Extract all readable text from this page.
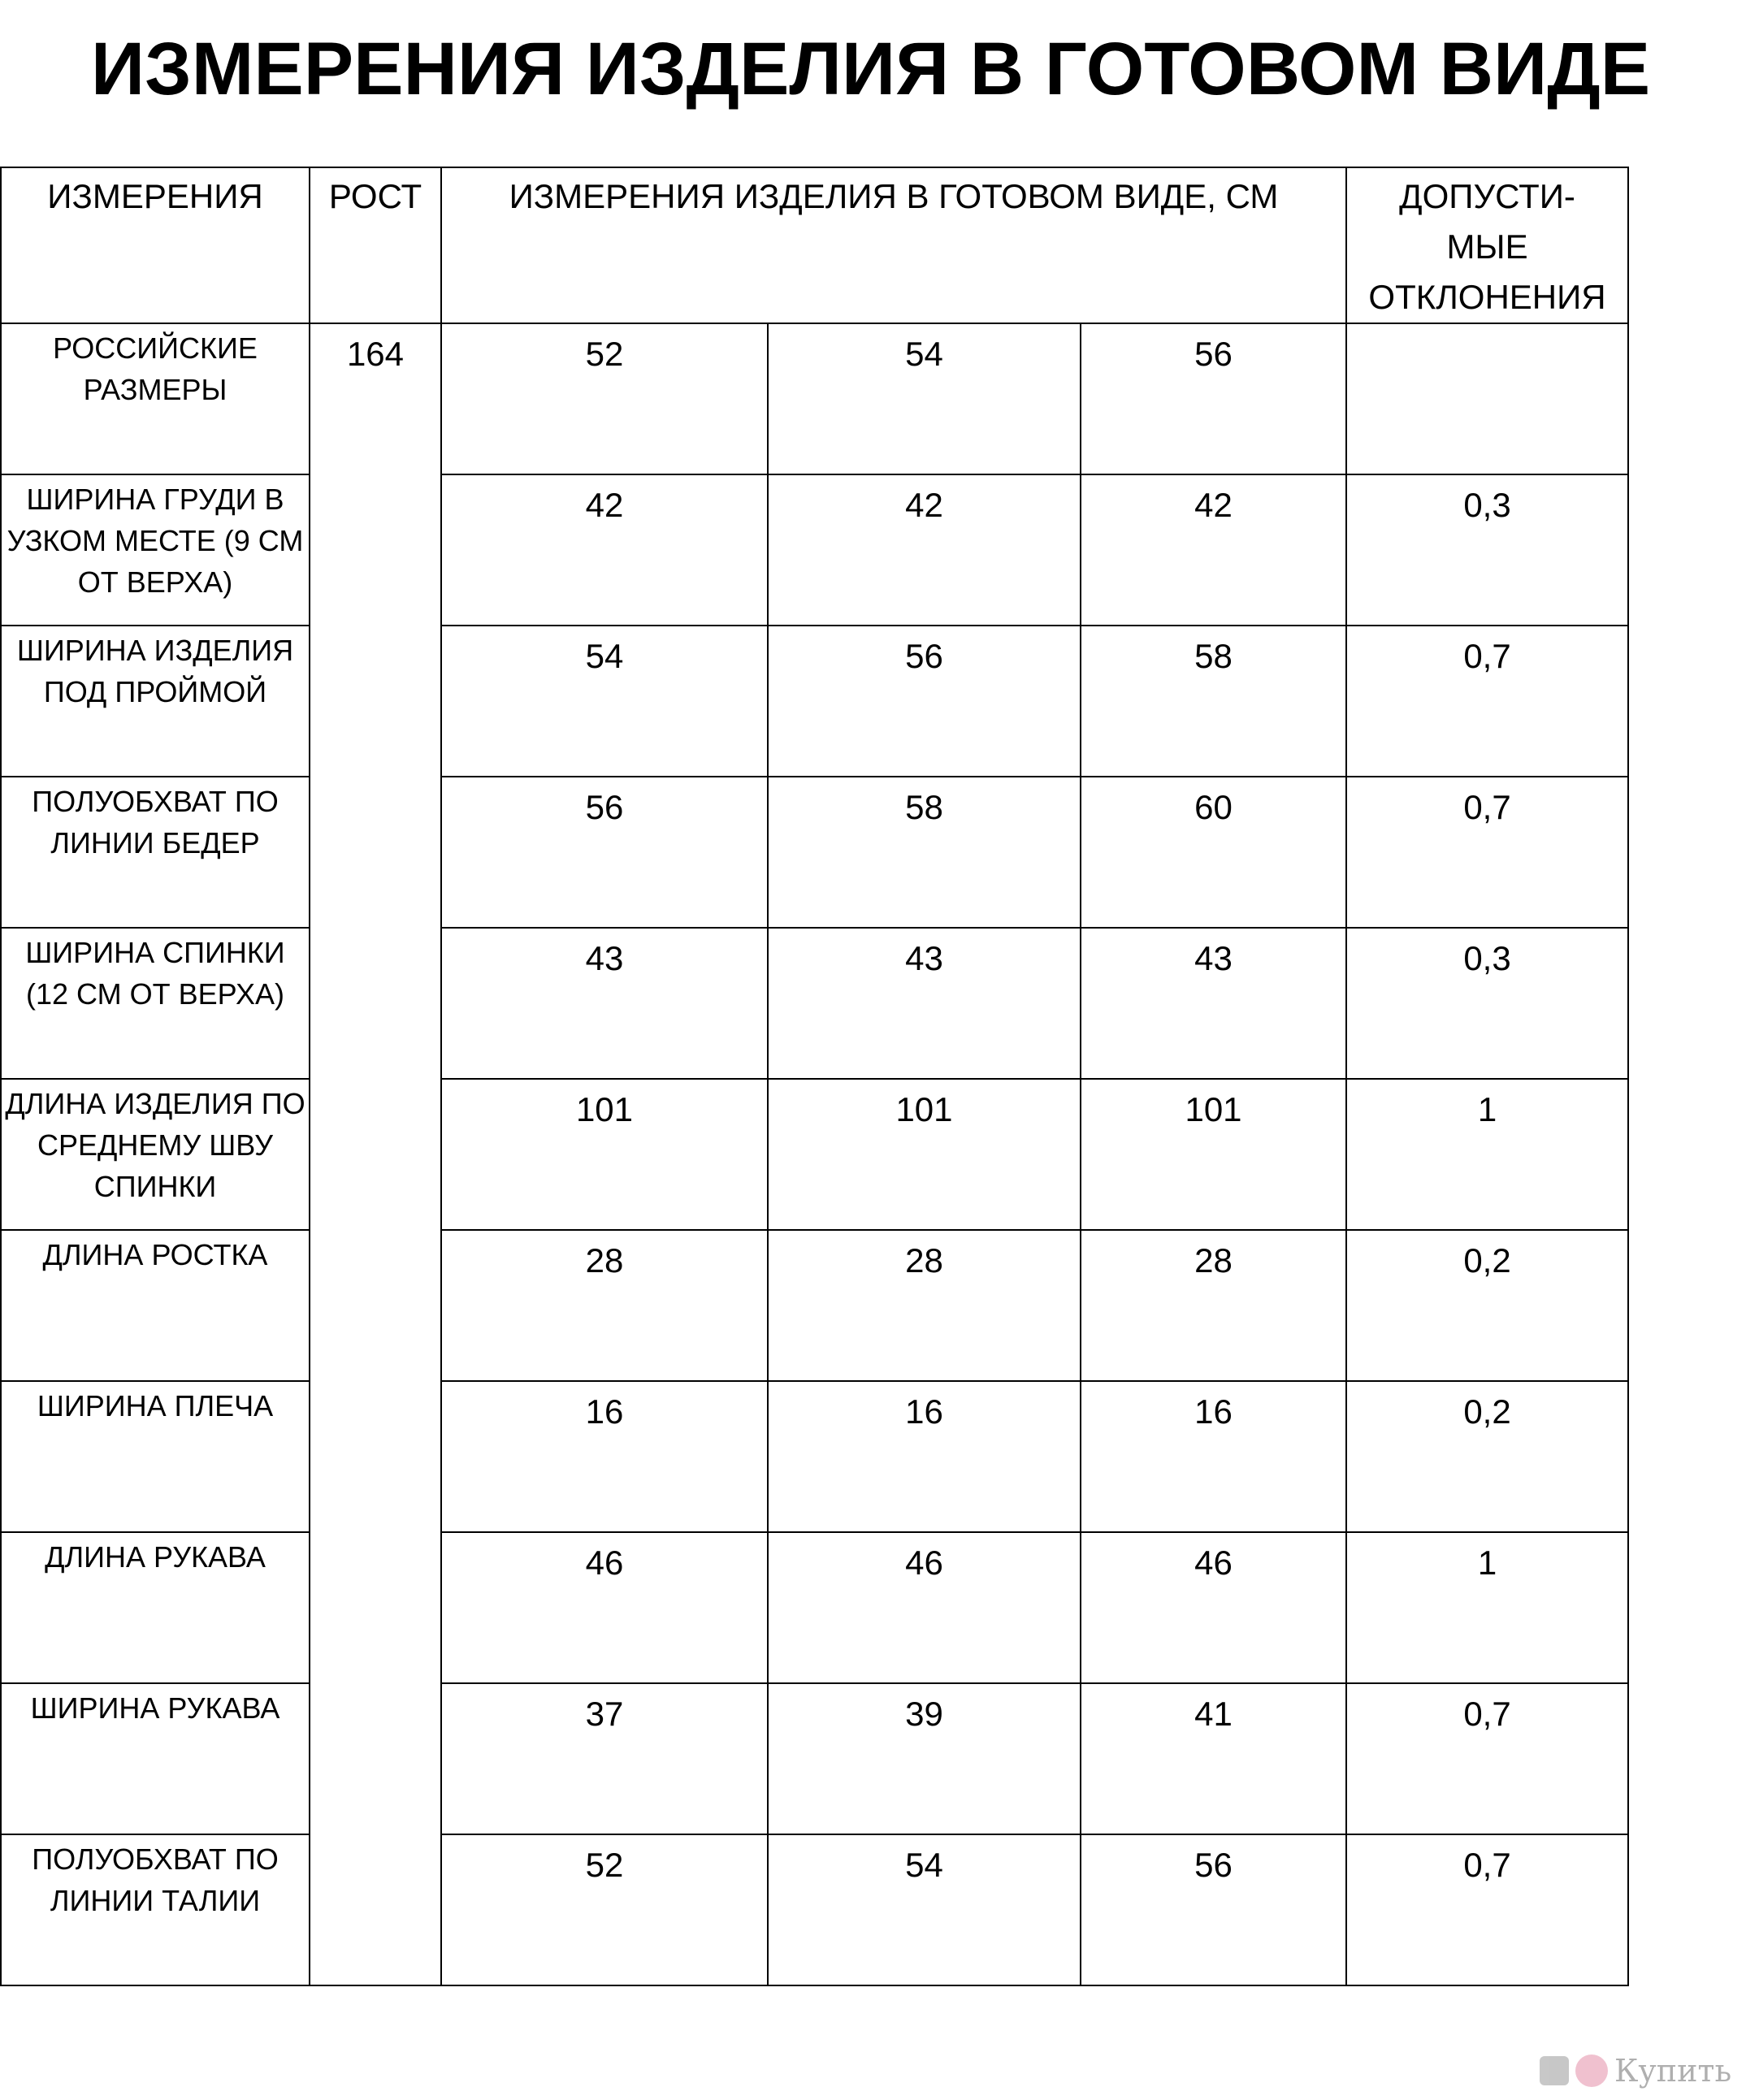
ИЗМЕРЕНИЯ ИЗДЕЛИЯ В ГОТОВОМ ВИДЕ
ИЗМЕРЕНИЯ	РОСТ	ИЗМЕРЕНИЯ ИЗДЕЛИЯ В ГОТОВОМ ВИДЕ, СМ			ДОПУСТИ-
МЫЕ
ОТКЛОНЕНИЯ
РОССИЙСКИЕ РАЗМЕРЫ	164	52	54	56	
ШИРИНА ГРУДИ В УЗКОМ МЕСТЕ (9 СМ ОТ ВЕРХА)		42	42	42	0,3
ШИРИНА ИЗДЕЛИЯ ПОД ПРОЙМОЙ		54	56	58	0,7
ПОЛУОБХВАТ ПО ЛИНИИ БЕДЕР		56	58	60	0,7
ШИРИНА СПИНКИ (12 СМ ОТ ВЕРХА)		43	43	43	0,3
ДЛИНА ИЗДЕЛИЯ ПО СРЕДНЕМУ ШВУ СПИНКИ		101	101	101	1
ДЛИНА РОСТКА		28	28	28	0,2
ШИРИНА ПЛЕЧА		16	16	16	0,2
ДЛИНА РУКАВА		46	46	46	1
ШИРИНА РУКАВА		37	39	41	0,7
ПОЛУОБХВАТ ПО ЛИНИИ ТАЛИИ		52	54	56	0,7
Купить
